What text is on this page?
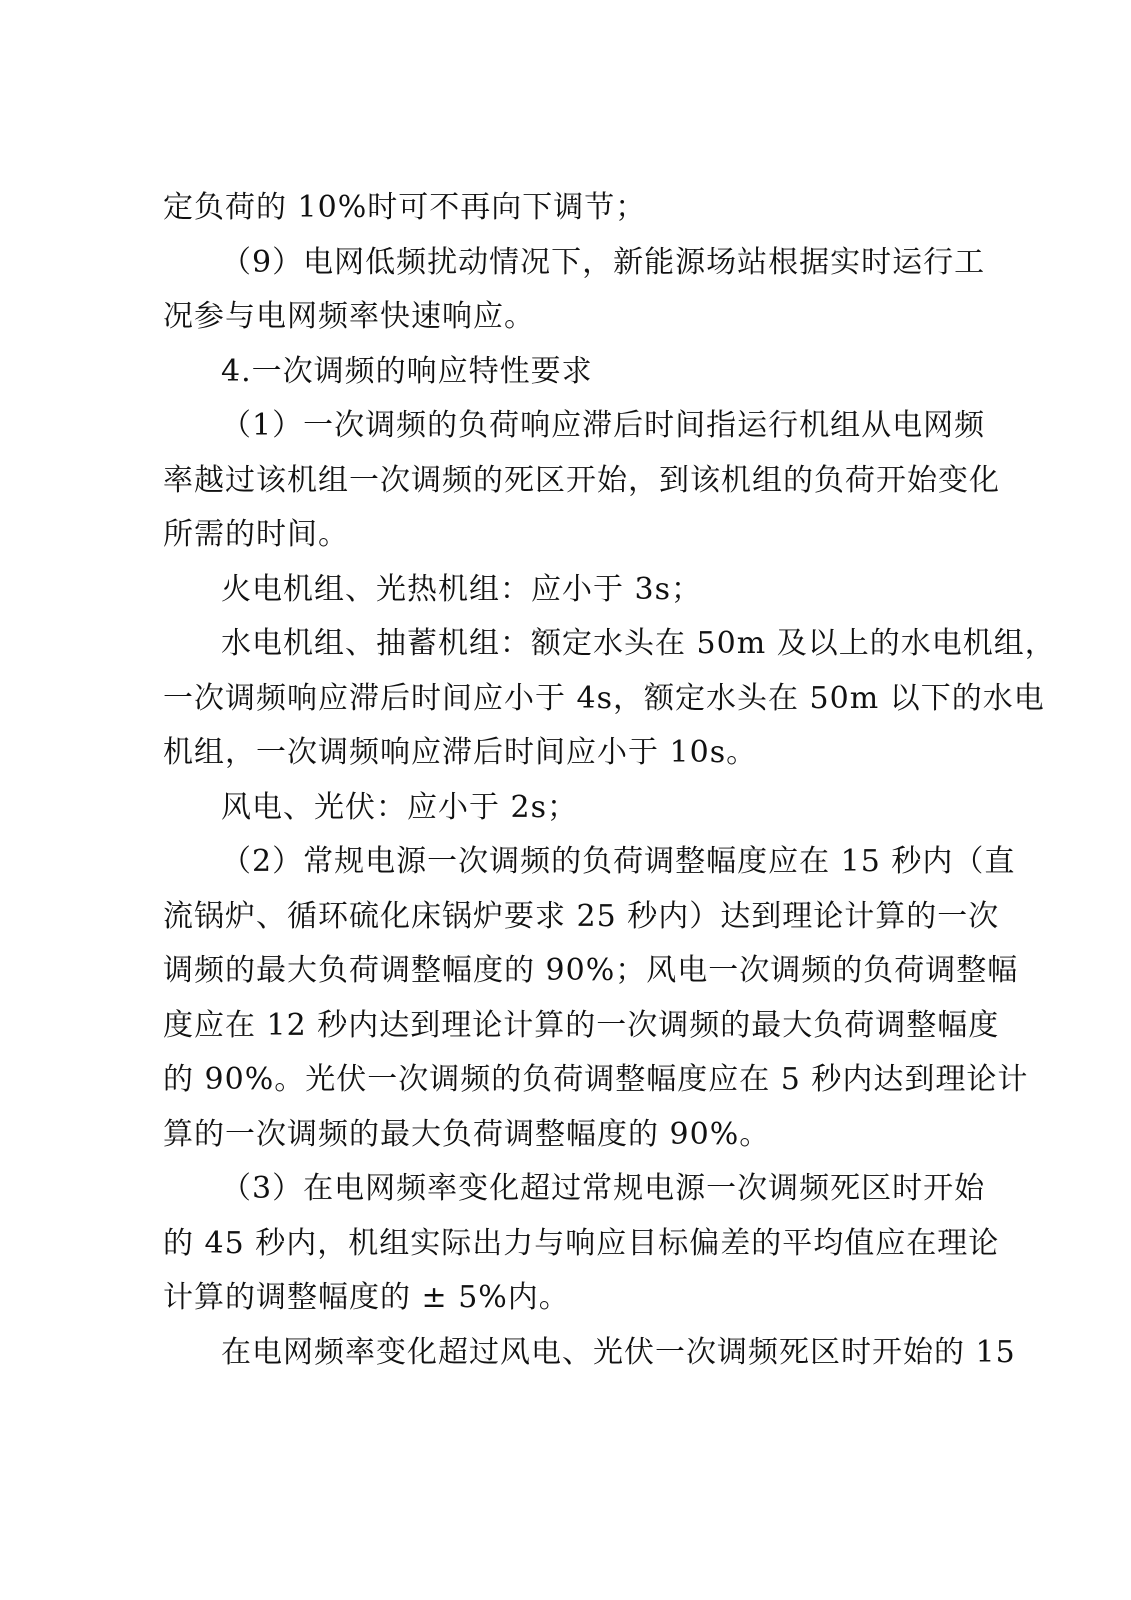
定负荷的 10%时可不再向下调节；
（9）电网低频扰动情况下，新能源场站根据实时运行工
况参与电网频率快速响应。
4.一次调频的响应特性要求
（1）一次调频的负荷响应滞后时间指运行机组从电网频
率越过该机组一次调频的死区开始，到该机组的负荷开始变化
所需的时间。
火电机组、光热机组：应小于 3s；
水电机组、抽蓄机组：额定水头在 50m 及以上的水电机组，
一次调频响应滞后时间应小于 4s，额定水头在 50m 以下的水电
机组，一次调频响应滞后时间应小于 10s。
风电、光伏：应小于 2s；
（2）常规电源一次调频的负荷调整幅度应在 15 秒内（直
流锅炉、循环硫化床锅炉要求 25 秒内）达到理论计算的一次
调频的最大负荷调整幅度的 90%；风电一次调频的负荷调整幅
度应在 12 秒内达到理论计算的一次调频的最大负荷调整幅度
的 90%。光伏一次调频的负荷调整幅度应在 5 秒内达到理论计
算的一次调频的最大负荷调整幅度的 90%。
（3）在电网频率变化超过常规电源一次调频死区时开始
的 45 秒内，机组实际出力与响应目标偏差的平均值应在理论
计算的调整幅度的 ± 5%内。
在电网频率变化超过风电、光伏一次调频死区时开始的 15
